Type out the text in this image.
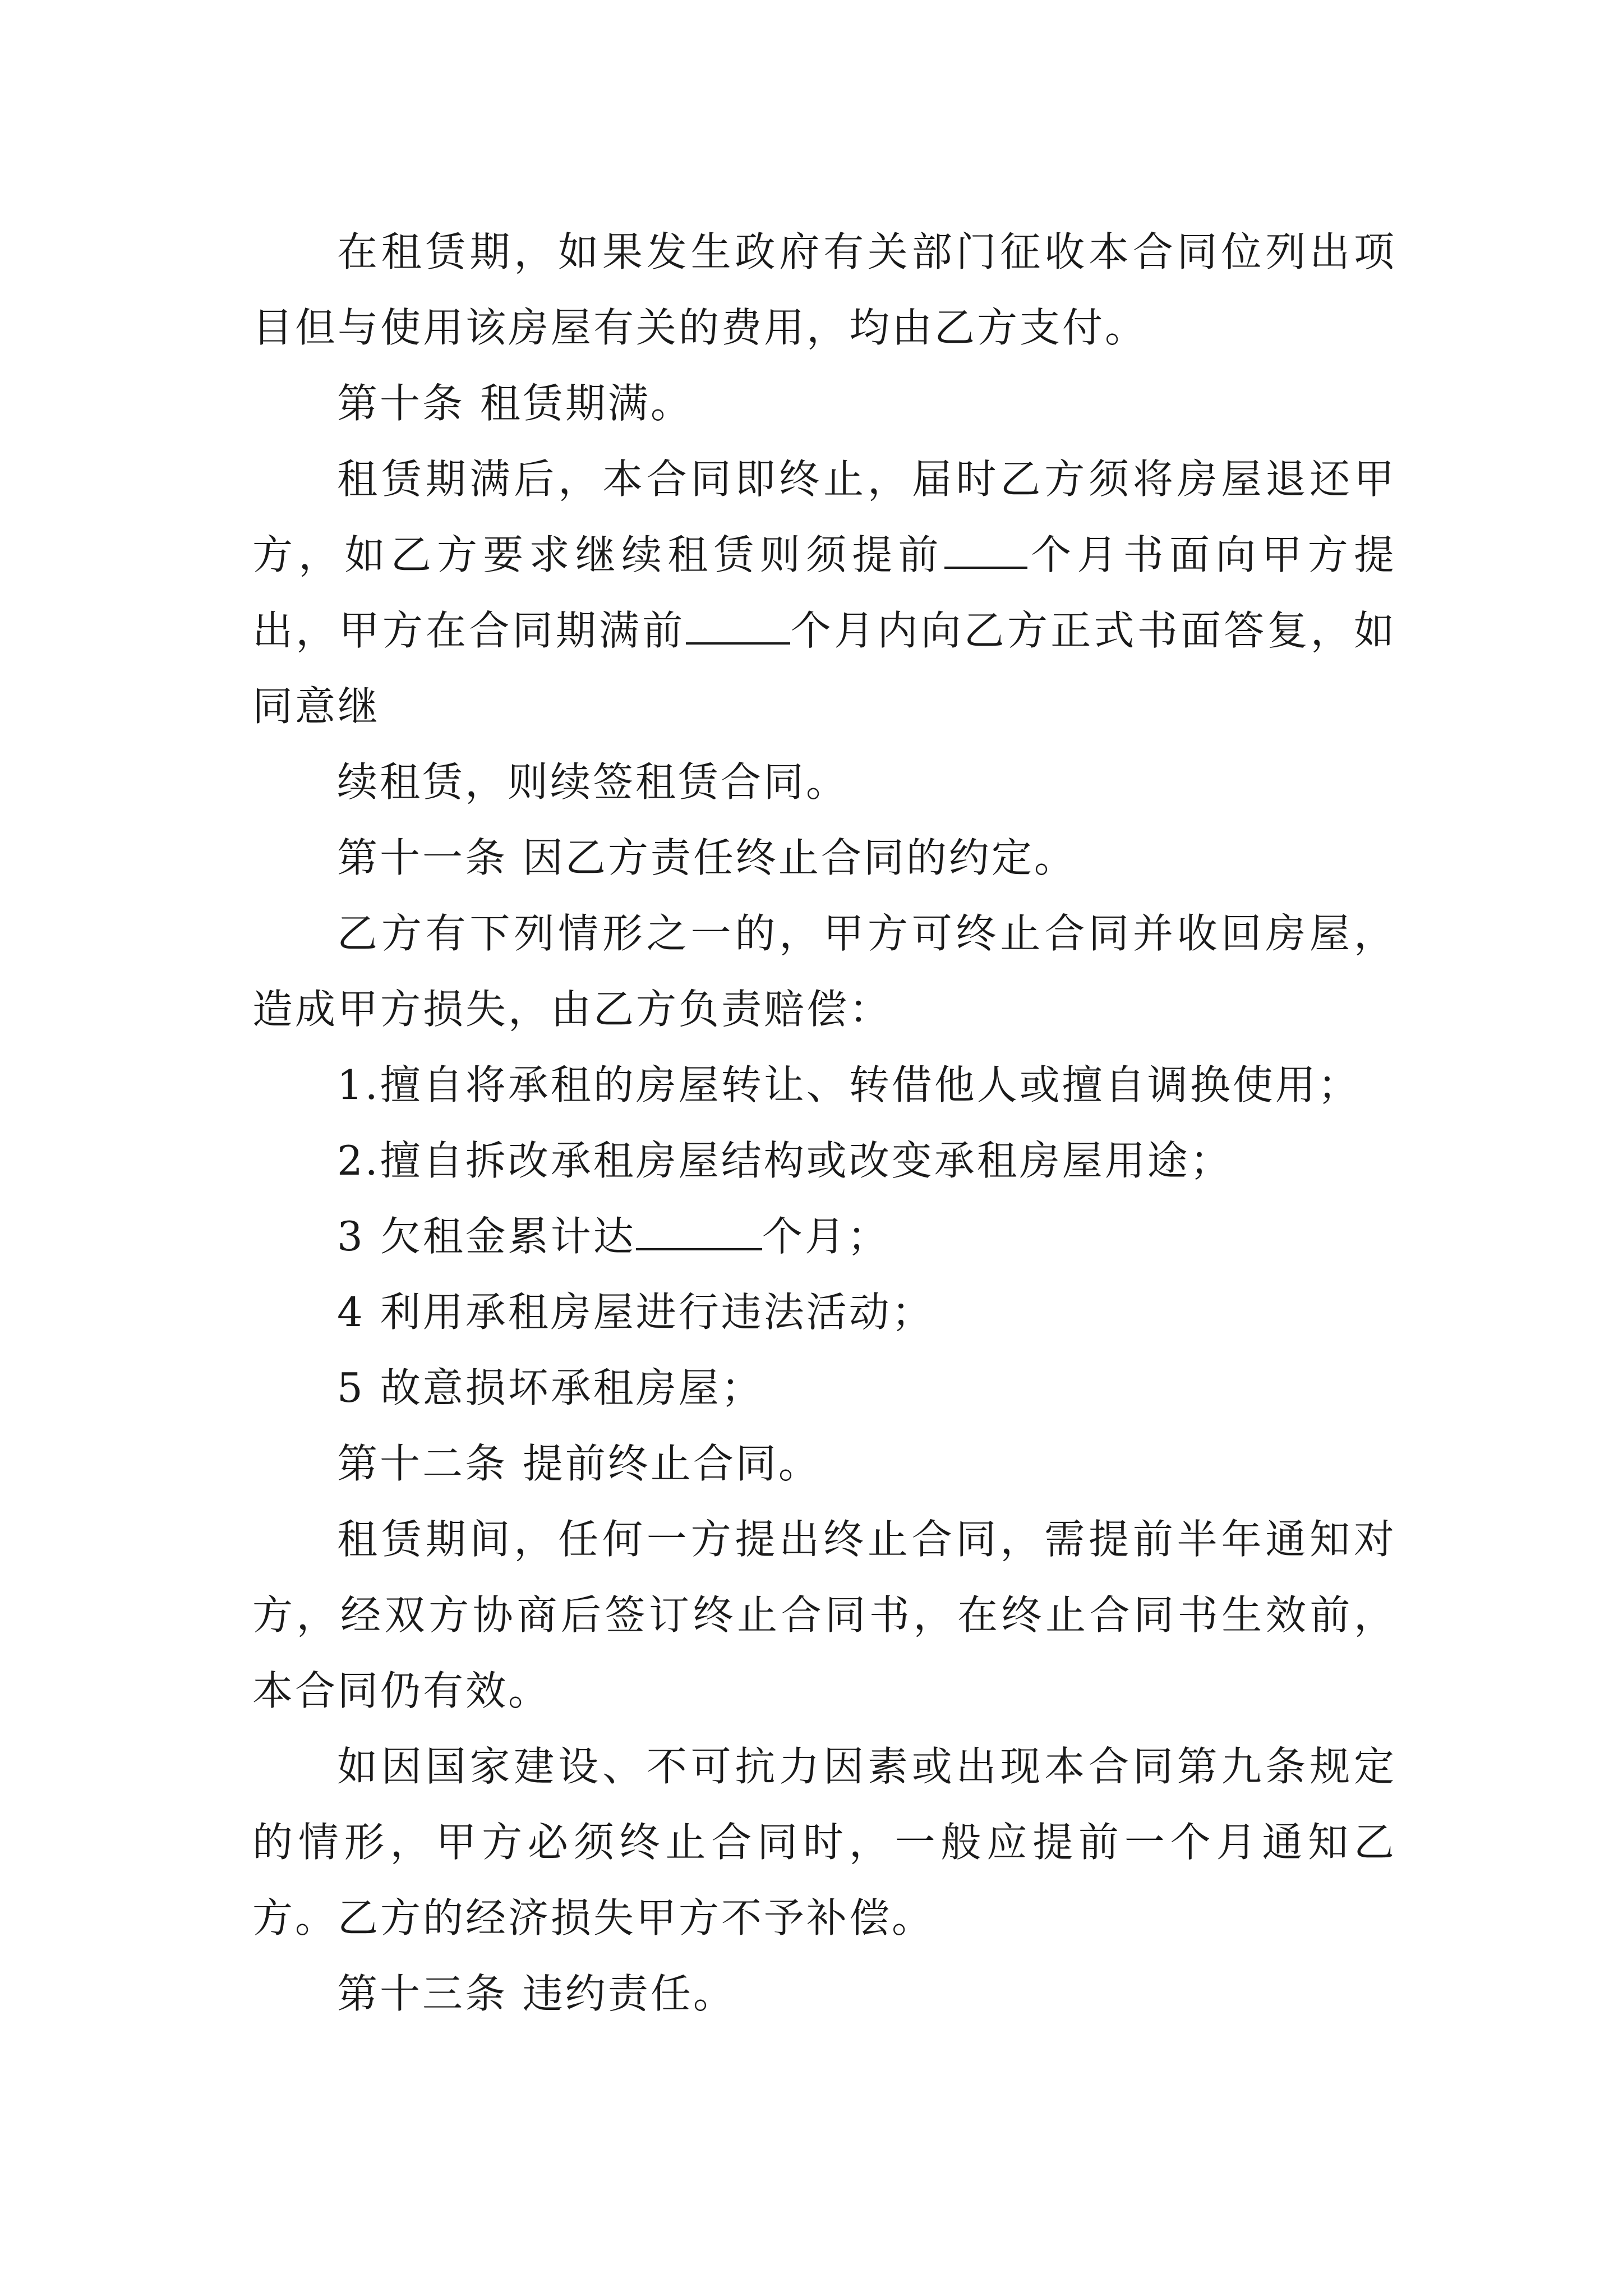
在租赁期，如果发生政府有关部门征收本合同位列出项目但与使用该房屋有关的费用，均由乙方支付。

第十条 租赁期满。

租赁期满后，本合同即终止，届时乙方须将房屋退还甲方，如乙方要求继续租赁则须提前 个月书面向甲方提出，甲方在合同期满前	个月内向乙方正式书面答复，如同意继

续租赁，则续签租赁合同。

第十一条 因乙方责任终止合同的约定。

乙方有下列情形之一的，甲方可终止合同并收回房屋，造成甲方损失，由乙方负责赔偿：

1.擅自将承租的房屋转让、转借他人或擅自调换使用；

2.擅自拆改承租房屋结构或改变承租房屋用途；

3 欠租金累计达	个月；

4 利用承租房屋进行违法活动；

5 故意损坏承租房屋；

第十二条 提前终止合同。

租赁期间，任何一方提出终止合同，需提前半年通知对方，经双方协商后签订终止合同书，在终止合同书生效前，本合同仍有效。

如因国家建设、不可抗力因素或出现本合同第九条规定的情形，甲方必须终止合同时，一般应提前一个月通知乙方。乙方的经济损失甲方不予补偿。

第十三条 违约责任。
